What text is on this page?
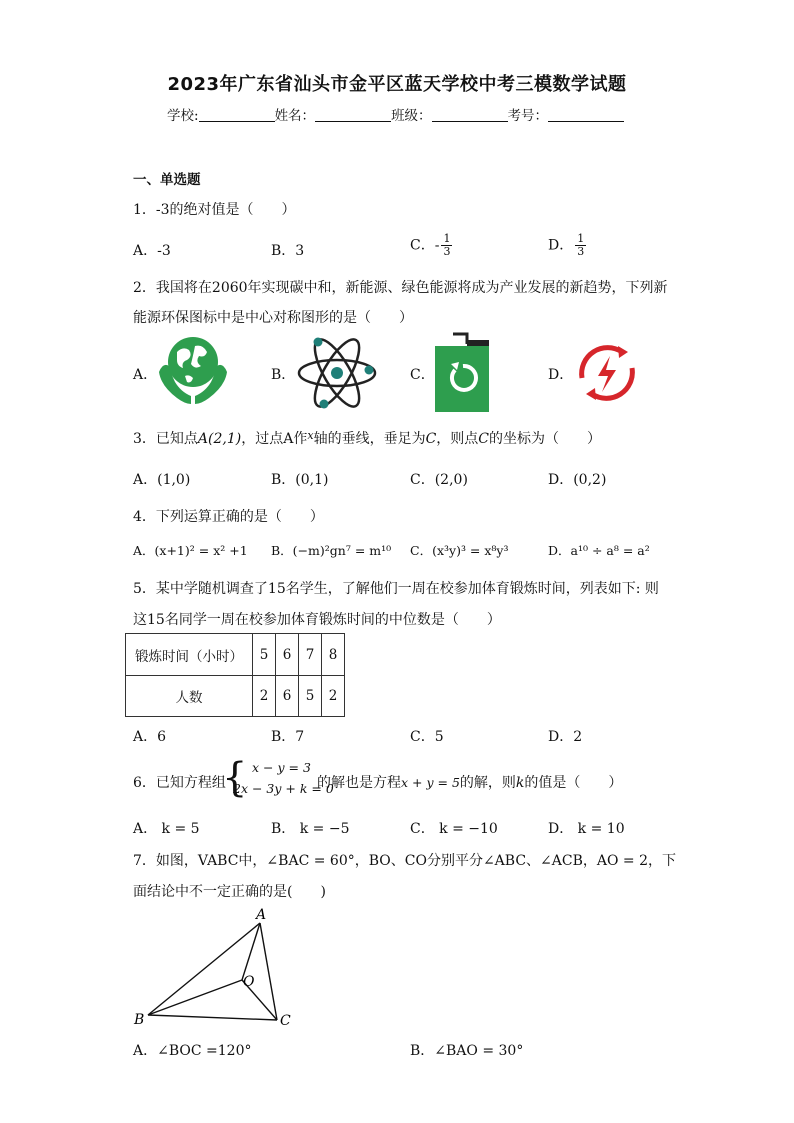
2023年广东省汕头市金平区蓝天学校中考三模数学试题
学校:	姓名：	班级：	考号：
一、单选题
1．-3的绝对值是（　　）
A．-3	B．3	C．- $\frac{1}{3}$	D． $\frac{1}{3}$
2．我国将在2060年实现碳中和，新能源、绿色能源将成为产业发展的新趋势，下列新
能源环保图标中是中心对称图形的是（　　）
A．	B．	C．	D．
3．已知点A(2,1)，过点A作$^x$轴的垂线，垂足为C，则点C的坐标为（　　）
A．(1,0)	B．(0,1)	C．(2,0)	D．(0,2)
4．下列运算正确的是（　　）
A．(x+1)² = x² +1 B．(−m)²gn⁷ = m¹⁰ C．(x³y)³ = x⁸y³	D．a¹⁰ ÷ a⁸ = a²
5．某中学随机调查了15名学生，了解他们一周在校参加体育锻炼时间，列表如下: 则
这15名同学一周在校参加体育锻炼时间的中位数是（　　）
锻炼时间（小时）	5	6	7	8
人数	2	6	5	2
A．6	B．7	C．5	D．2
6．已知方程组
{ x − y = 3
2x − 3y + k = 0
的解也是方程x + y = 5的解，则k的值是（　　）
A． k = 5	B． k = −5	C． k = −10	D． k = 10
7．如图，VABC中，∠BAC = 60°，BO、CO分别平分∠ABC、∠ACB，AO = 2，下
面结论中不一定正确的是(　　)
A
B	C
O
A．∠BOC =120°	B．∠BAO = 30°
